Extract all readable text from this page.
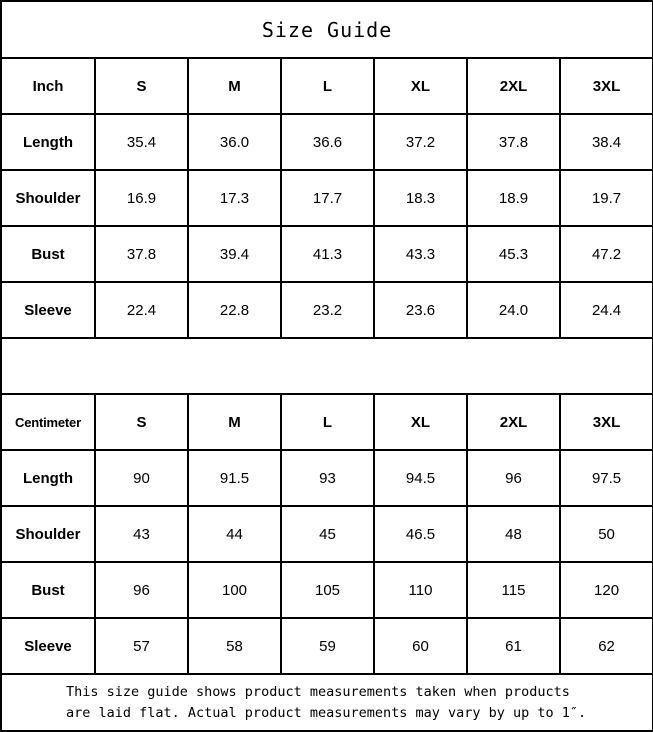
Size Guide						
Inch	S	M	L	XL	2XL	3XL
Length	35.4	36.0	36.6	37.2	37.8	38.4
Shoulder	16.9	17.3	17.7	18.3	18.9	19.7
Bust	37.8	39.4	41.3	43.3	45.3	47.2
Sleeve	22.4	22.8	23.2	23.6	24.0	24.4

Centimeter	S	M	L	XL	2XL	3XL
Length	90	91.5	93	94.5	96	97.5
Shoulder	43	44	45	46.5	48	50
Bust	96	100	105	110	115	120
Sleeve	57	58	59	60	61	62

This size guide shows product measurements taken when products
are laid flat. Actual product measurements may vary by up to 1″.						
